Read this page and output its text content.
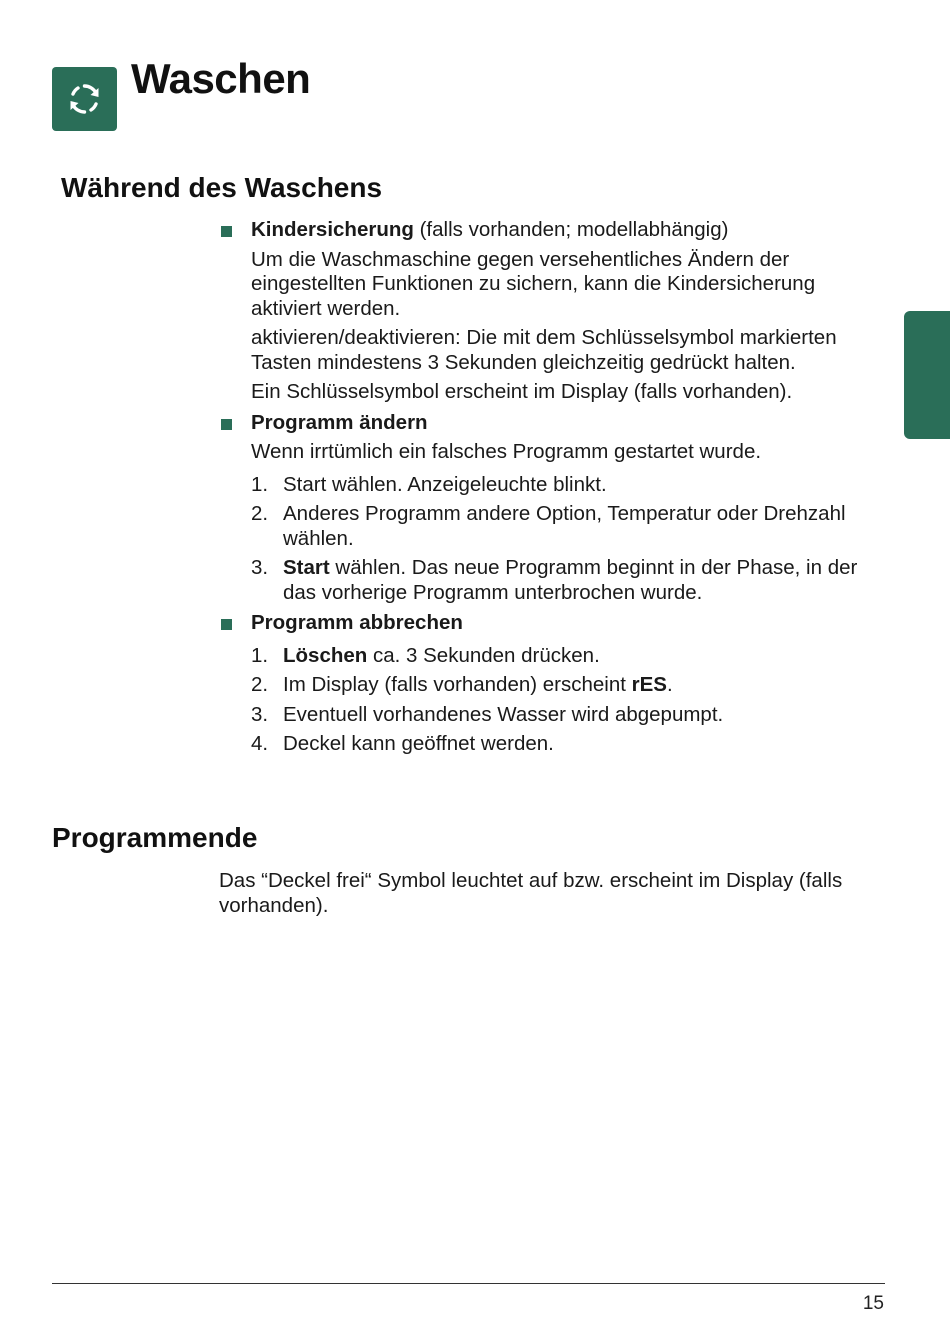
Waschen
Während des Waschens

Kindersicherung (falls vorhanden; modellabhängig)

Um die Waschmaschine gegen versehentliches Ändern der eingestellten Funktionen zu sichern, kann die Kindersicherung aktiviert werden.

aktivieren/deaktivieren: Die mit dem Schlüsselsymbol markierten Tasten mindestens 3 Sekunden gleichzeitig gedrückt halten.

Ein Schlüsselsymbol erscheint im Display (falls vorhanden).

Programm ändern

Wenn irrtümlich ein falsches Programm gestartet wurde.

1. Start wählen. Anzeigeleuchte blinkt.
2. Anderes Programm andere Option, Temperatur oder Drehzahl wählen.
3. Start wählen. Das neue Programm beginnt in der Phase, in der das vorherige Programm unterbrochen wurde.

Programm abbrechen

1. Löschen ca. 3 Sekunden drücken.
2. Im Display (falls vorhanden) erscheint rES.
3. Eventuell vorhandenes Wasser wird abgepumpt.
4. Deckel kann geöffnet werden.
Programmende

Das “Deckel frei“ Symbol leuchtet auf bzw. erscheint im Display (falls vorhanden).

15
